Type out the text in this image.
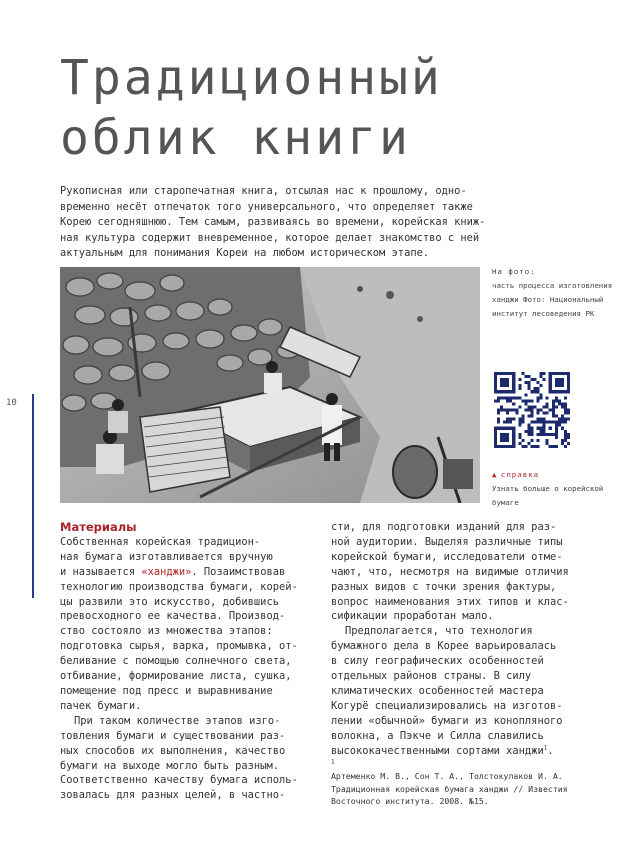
Традиционный
облик книги
Рукописная или старопечатная книга, отсылая нас к прошлому, одно-
временно несёт отпечаток того универсального, что определяет также
Корею сегодняшнюю. Тем самым, развиваясь во времени, корейская книж-
ная культура содержит вневременное, которое делает знакомство с ней
актуальным для понимания Кореи на любом историческом этапе.
На фото:
часть процесса изготовления
ханджи Фото: Национальный
институт лесоведения РК
▲ справка
Узнать больше о корейской
бумаге
10
Материалы
Собственная корейская традицион-
ная бумага изготавливается вручную
и называется «ханджи». Позаимствовав
технологию производства бумаги, корей-
цы развили это искусство, добившись
превосходного ее качества. Производ-
ство состояло из множества этапов:
подготовка сырья, варка, промывка, от-
беливание с помощью солнечного света,
отбивание, формирование листа, сушка,
помещение под пресс и выравнивание
пачек бумаги.
При таком количестве этапов изго-
товления бумаги и существовании раз-
ных способов их выполнения, качество
бумаги на выходе могло быть разным.
Соответственно качеству бумага исполь-
зовалась для разных целей, в частно-
сти, для подготовки изданий для раз-
ной аудитории. Выделяя различные типы
корейской бумаги, исследователи отме-
чают, что, несмотря на видимые отличия
разных видов с точки зрения фактуры,
вопрос наименования этих типов и клас-
сификации проработан мало.
Предполагается, что технология
бумажного дела в Корее варьировалась
в силу географических особенностей
отдельных районов страны. В силу
климатических особенностей мастера
Когурё специализировались на изготов-
лении «обычной» бумаги из конопляного
волокна, а Пэкче и Силла славились
высококачественными сортами ханджи$^1$.
$^1$
Артеменко М. В., Сон Т. А., Толстокулаков И. А.
Традиционная корейская бумага ханджи // Известия
Восточного института. 2008. №15.
